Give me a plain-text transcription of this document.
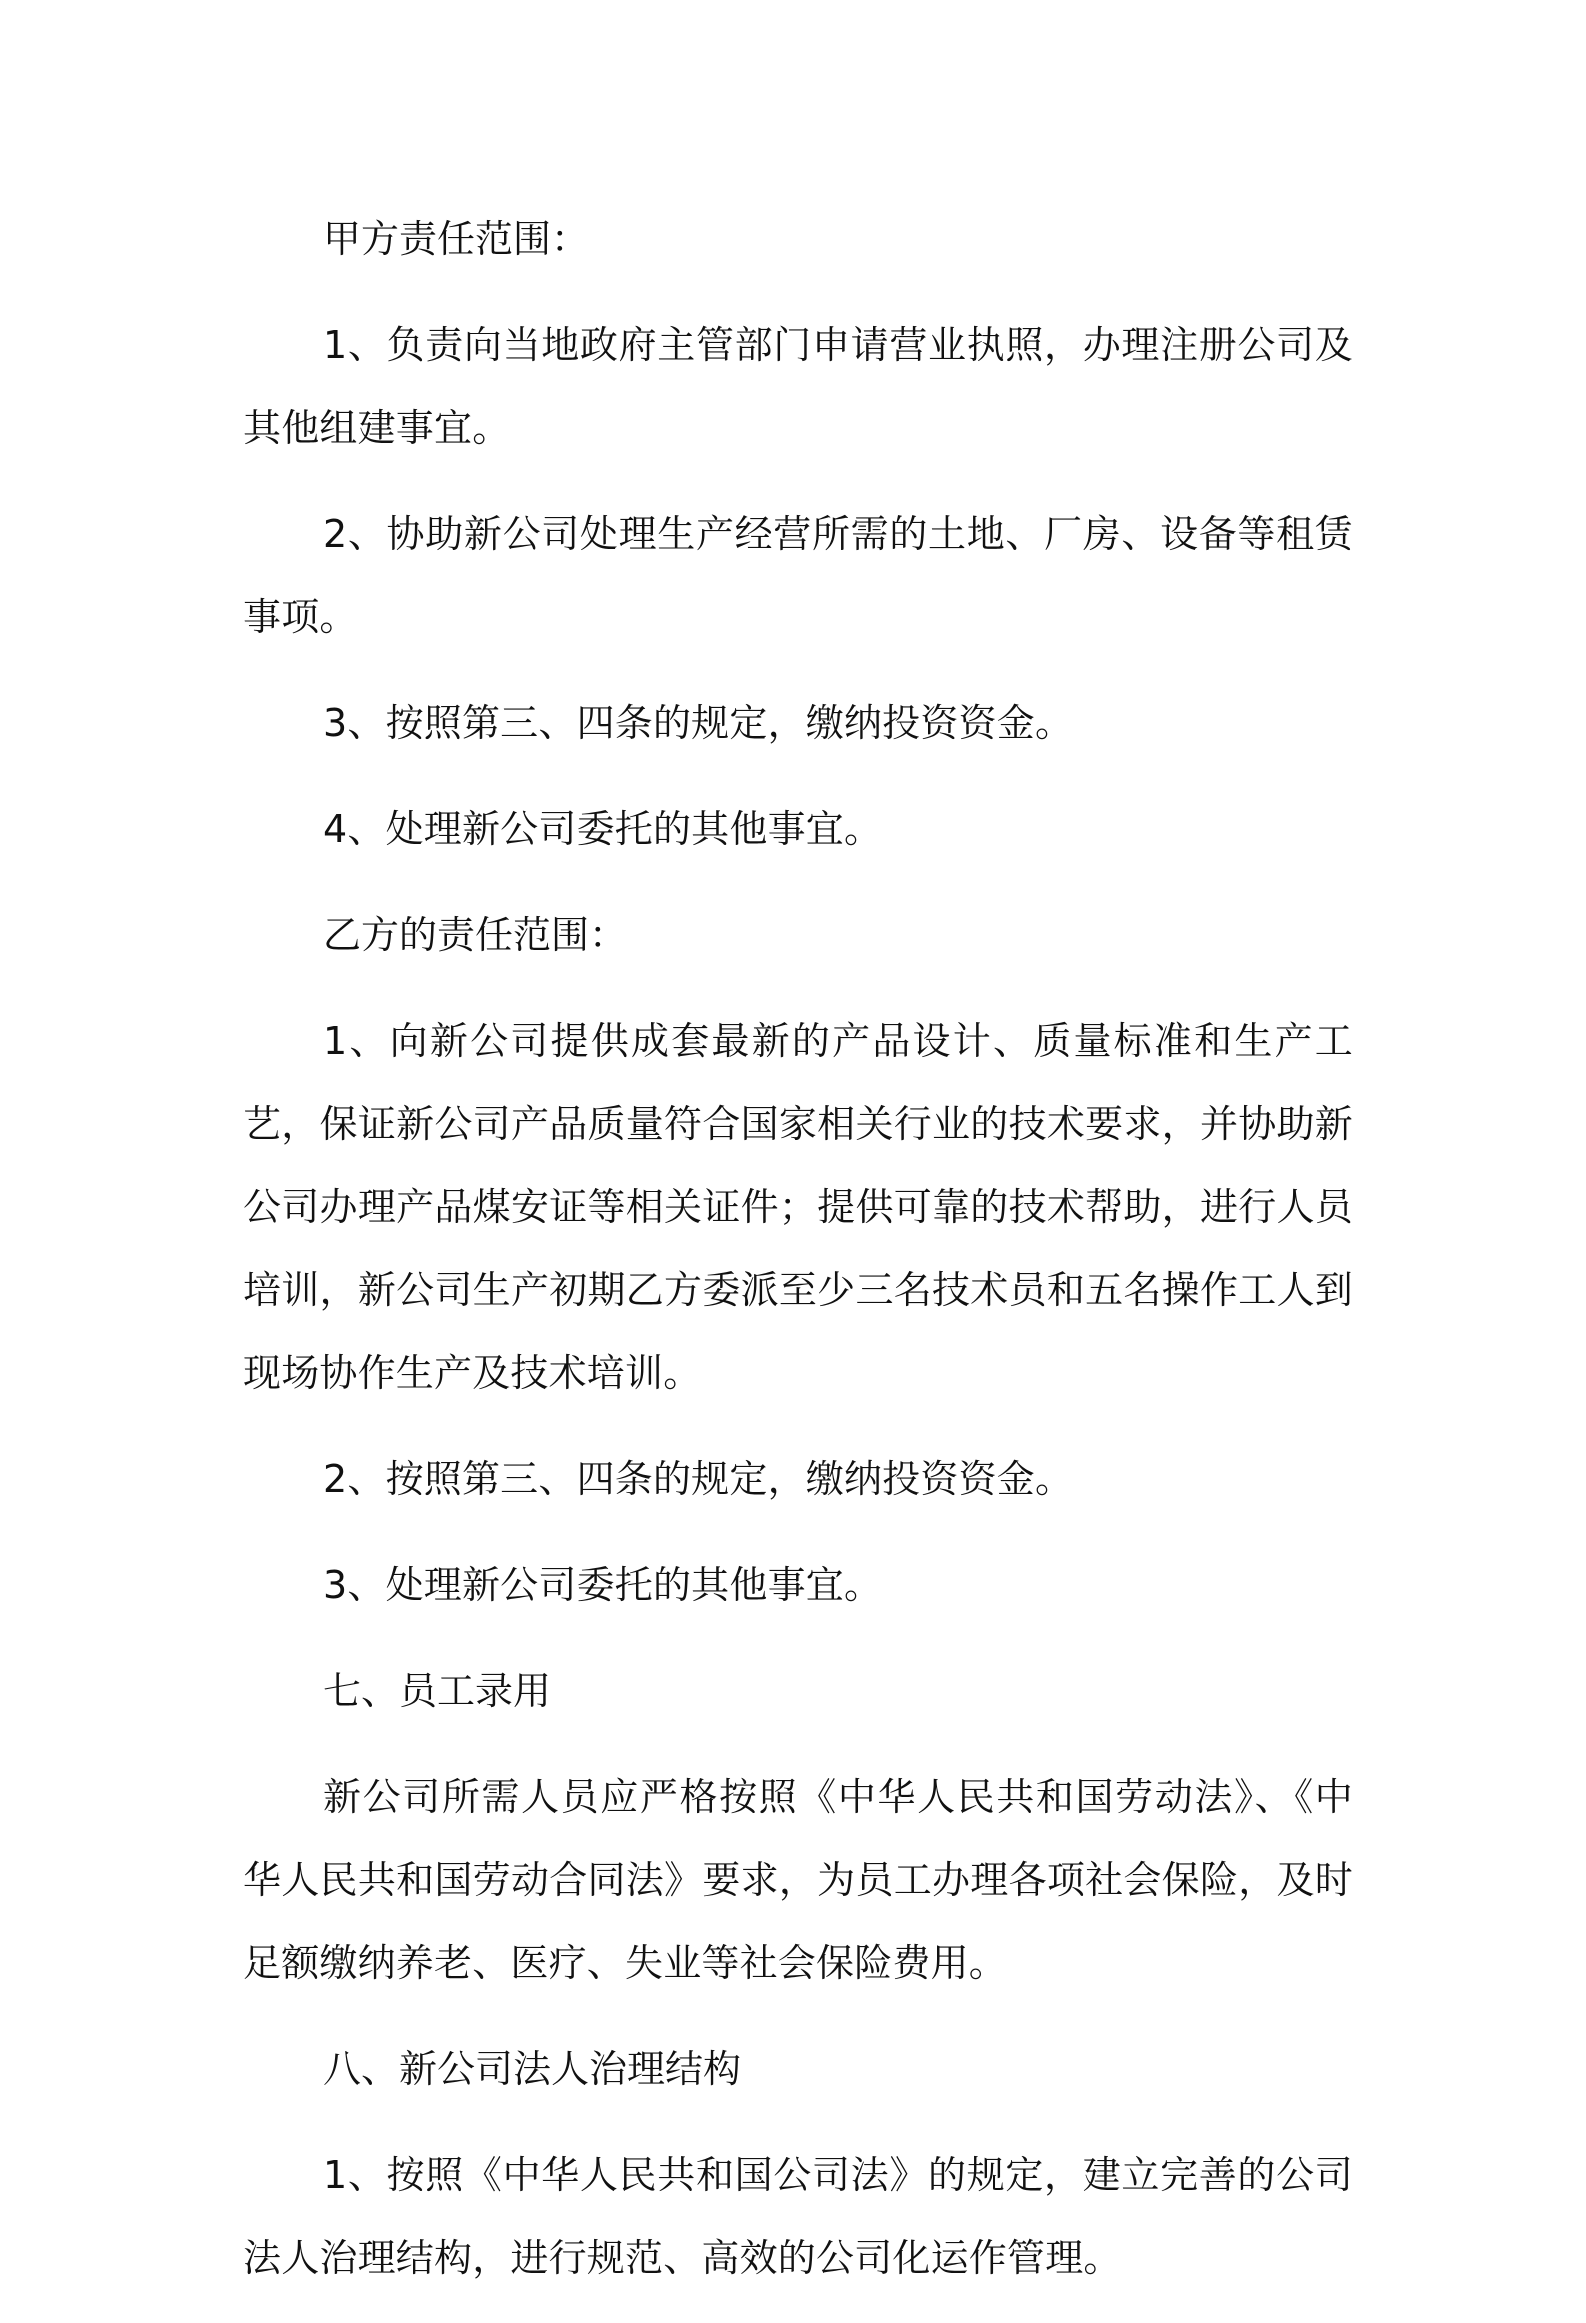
甲方责任范围：

1、负责向当地政府主管部门申请营业执照，办理注册公司及其他组建事宜。

2、协助新公司处理生产经营所需的土地、厂房、设备等租赁事项。

3、按照第三、四条的规定，缴纳投资资金。

4、处理新公司委托的其他事宜。

乙方的责任范围：

1、向新公司提供成套最新的产品设计、质量标准和生产工艺，保证新公司产品质量符合国家相关行业的技术要求，并协助新公司办理产品煤安证等相关证件；提供可靠的技术帮助，进行人员培训，新公司生产初期乙方委派至少三名技术员和五名操作工人到现场协作生产及技术培训。

2、按照第三、四条的规定，缴纳投资资金。

3、处理新公司委托的其他事宜。

七、员工录用

新公司所需人员应严格按照《中华人民共和国劳动法》、《中华人民共和国劳动合同法》要求，为员工办理各项社会保险，及时足额缴纳养老、医疗、失业等社会保险费用。

八、新公司法人治理结构

1、按照《中华人民共和国公司法》的规定，建立完善的公司法人治理结构，进行规范、高效的公司化运作管理。
